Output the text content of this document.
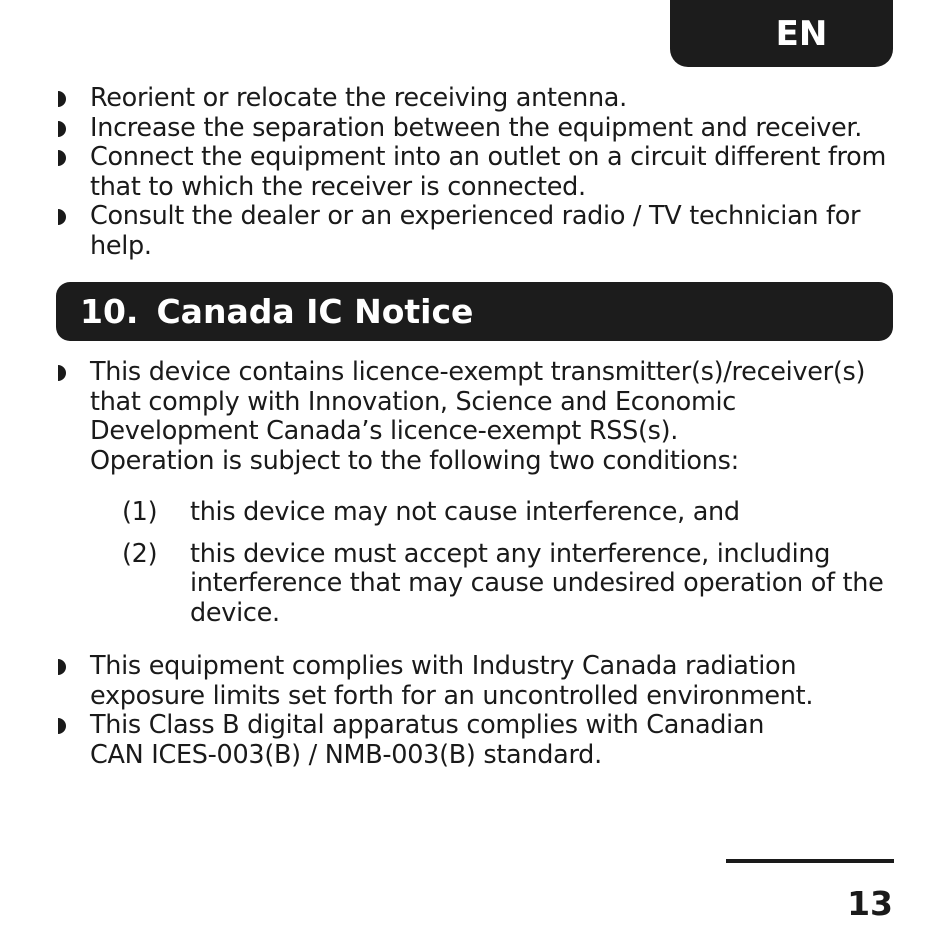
EN
Reorient or relocate the receiving antenna.
Increase the separation between the equipment and receiver.
Connect the equipment into an outlet on a circuit different from that to which the receiver is connected.
Consult the dealer or an experienced radio / TV technician for help.
10. Canada IC Notice
This device contains licence-exempt transmitter(s)/receiver(s) that comply with Innovation, Science and Economic Development Canada’s licence-exempt RSS(s).
Operation is subject to the following two conditions:
(1) this device may not cause interference, and
(2) this device must accept any interference, including interference that may cause undesired operation of the device.
This equipment complies with Industry Canada radiation exposure limits set forth for an uncontrolled environment.
This Class B digital apparatus complies with Canadian
CAN ICES-003(B) / NMB-003(B) standard.
13
